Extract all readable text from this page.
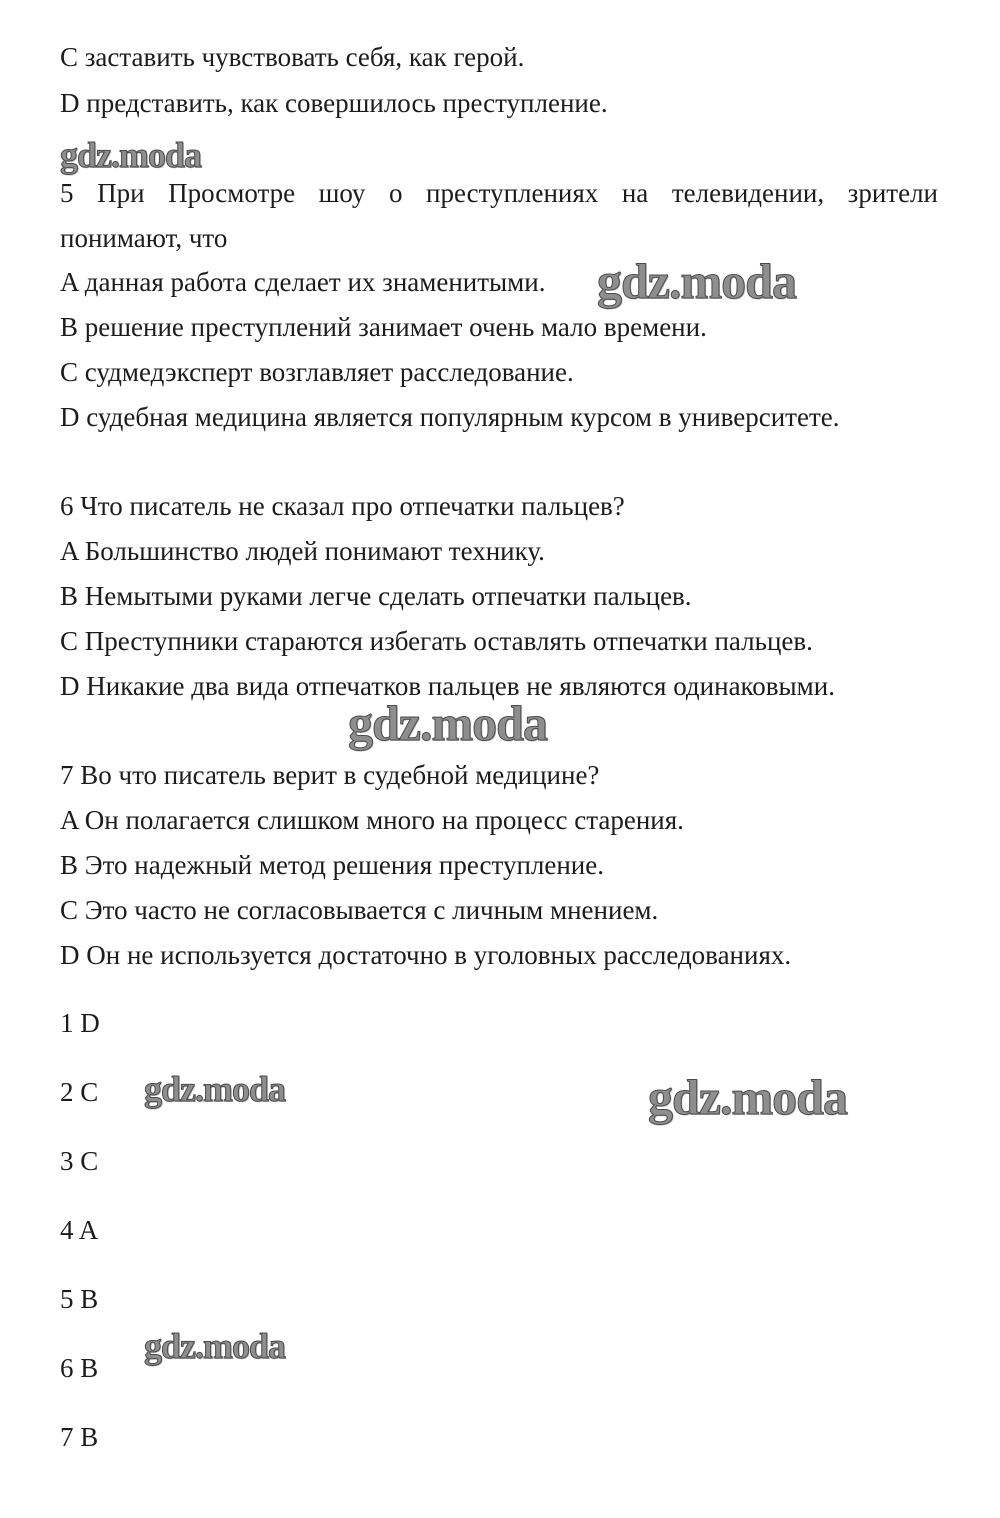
C заставить чувствовать себя, как герой.
D представить, как совершилось преступление.
5 При Просмотре шоу о преступлениях на телевидении, зрители
понимают, что
A данная работа сделает их знаменитыми.
B решение преступлений занимает очень мало времени.
C судмедэксперт возглавляет расследование.
D судебная медицина является популярным курсом в университете.
6 Что писатель не сказал про отпечатки пальцев?
A Большинство людей понимают технику.
B Немытыми руками легче сделать отпечатки пальцев.
C Преступники стараются избегать оставлять отпечатки пальцев.
D Никакие два вида отпечатков пальцев не являются одинаковыми.
7 Во что писатель верит в судебной медицине?
A Он полагается слишком много на процесс старения.
B Это надежный метод решения преступление.
C Это часто не согласовывается с личным мнением.
D Он не используется достаточно в уголовных расследованиях.
1 D
2 C
3 C
4 A
5 B
6 B
7 B
gdz.moda
gdz.moda
gdz.moda
gdz.moda	gdz.moda
gdz.moda
